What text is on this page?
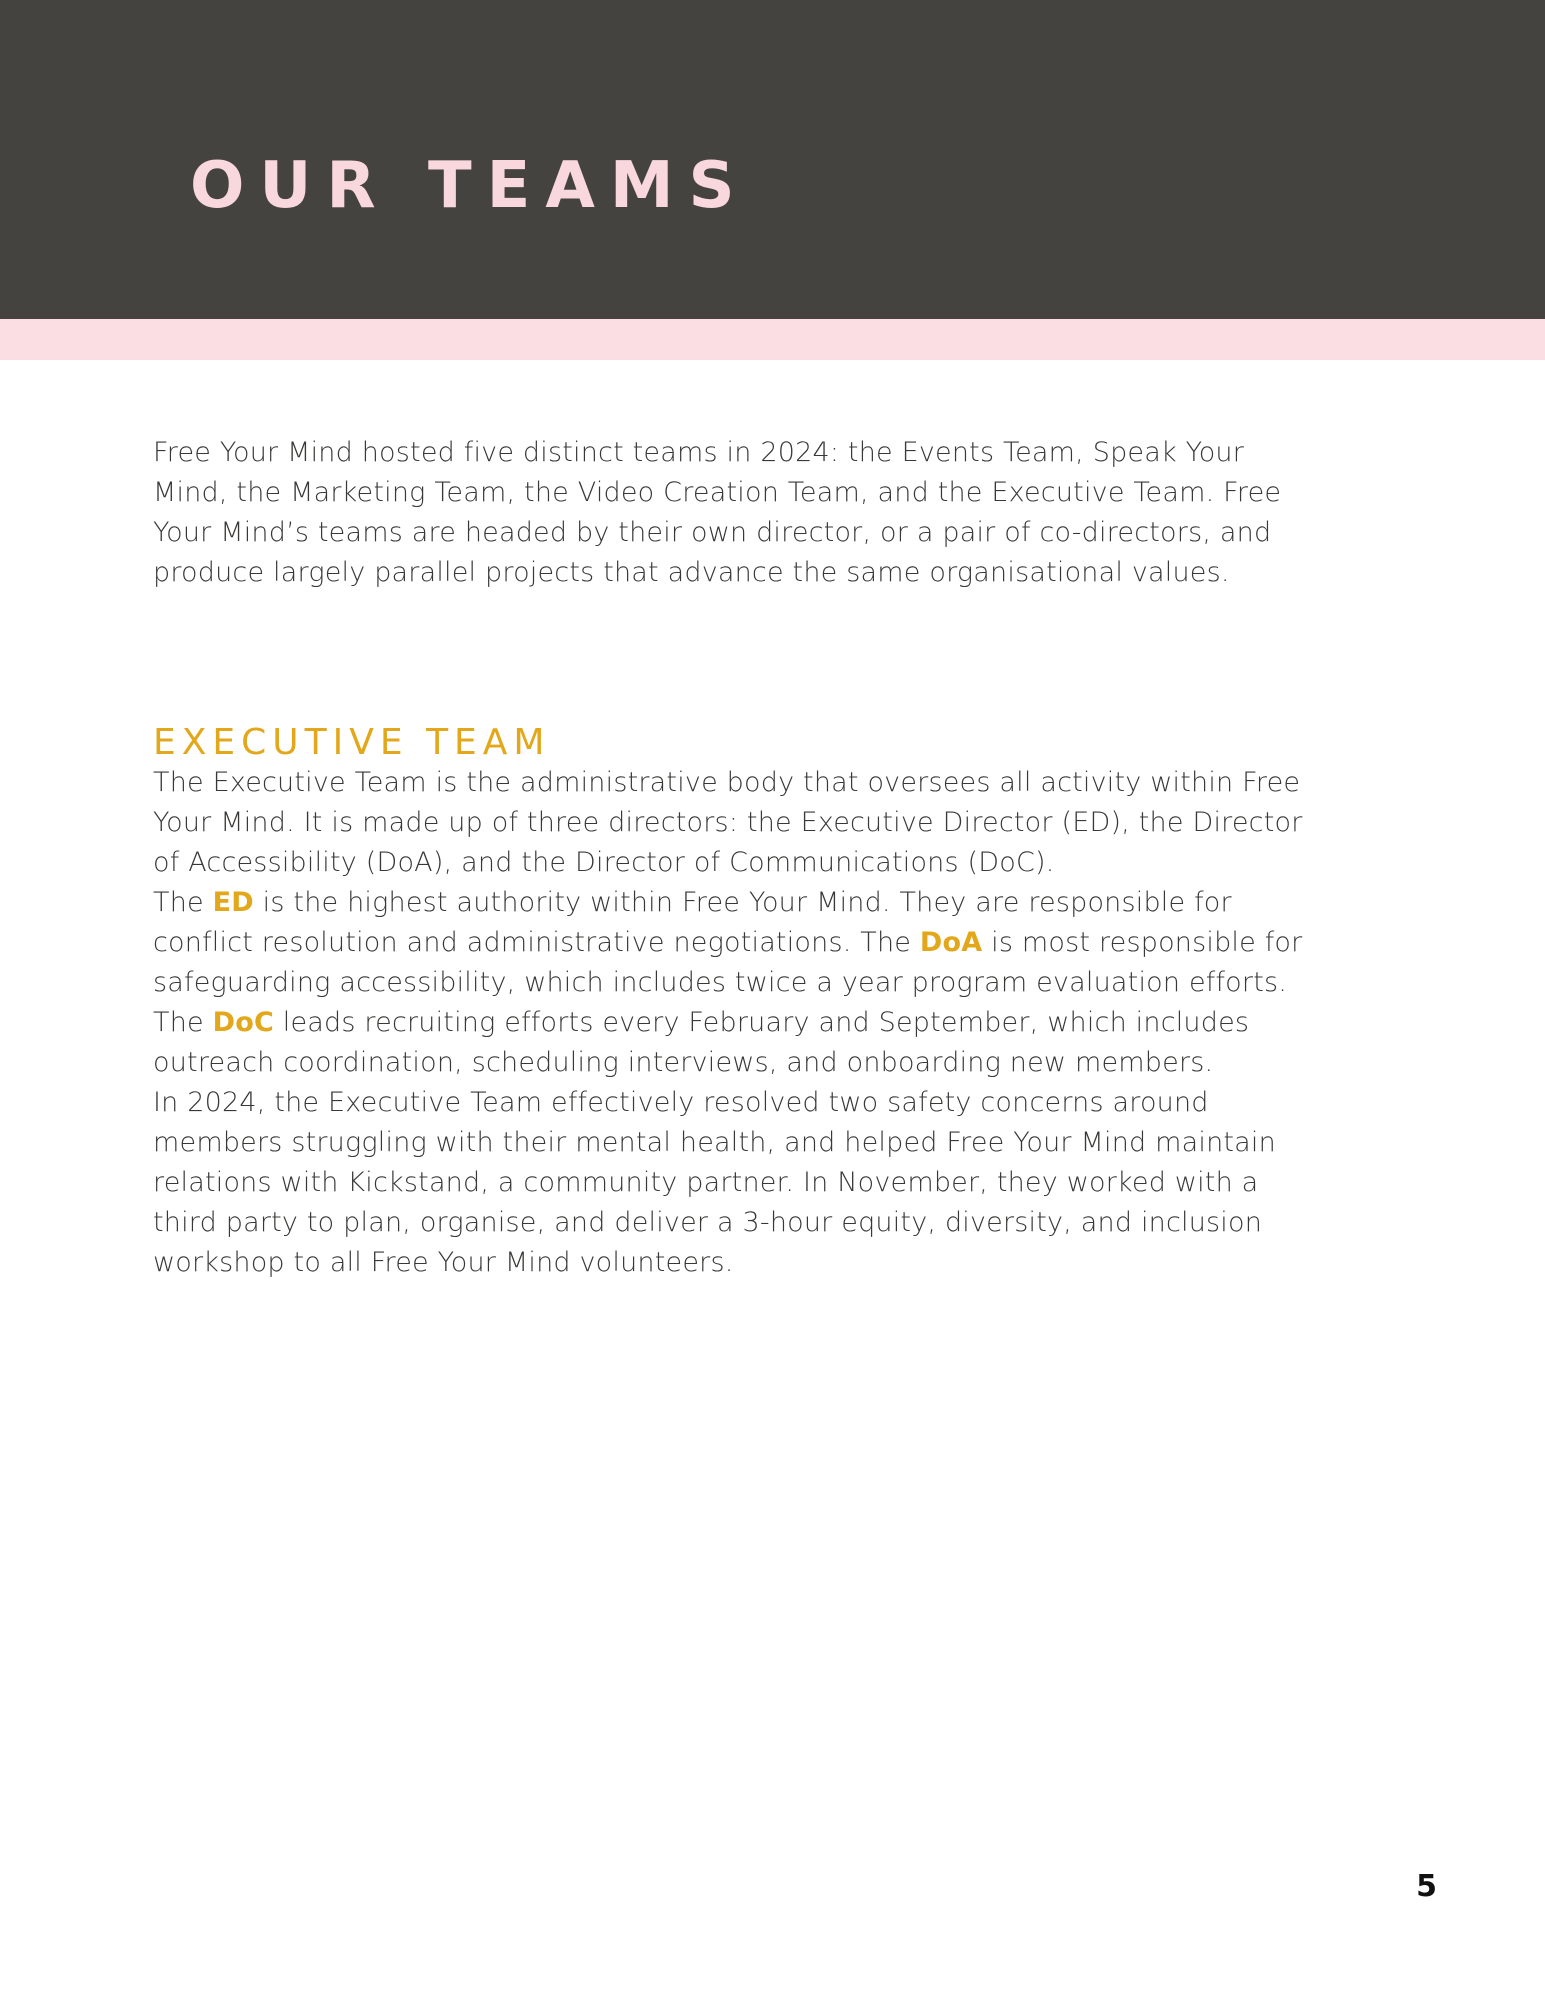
OUR TEAMS

Free Your Mind hosted five distinct teams in 2024: the Events Team, Speak Your Mind, the Marketing Team, the Video Creation Team, and the Executive Team. Free Your Mind’s teams are headed by their own director, or a pair of co-directors, and produce largely parallel projects that advance the same organisational values.

EXECUTIVE TEAM

The Executive Team is the administrative body that oversees all activity within Free Your Mind. It is made up of three directors: the Executive Director (ED), the Director of Accessibility (DoA), and the Director of Communications (DoC).

The ED is the highest authority within Free Your Mind. They are responsible for conflict resolution and administrative negotiations. The DoA is most responsible for safeguarding accessibility, which includes twice a year program evaluation efforts. The DoC leads recruiting efforts every February and September, which includes outreach coordination, scheduling interviews, and onboarding new members.

In 2024, the Executive Team effectively resolved two safety concerns around members struggling with their mental health, and helped Free Your Mind maintain relations with Kickstand, a community partner. In November, they worked with a third party to plan, organise, and deliver a 3-hour equity, diversity, and inclusion workshop to all Free Your Mind volunteers.

5
